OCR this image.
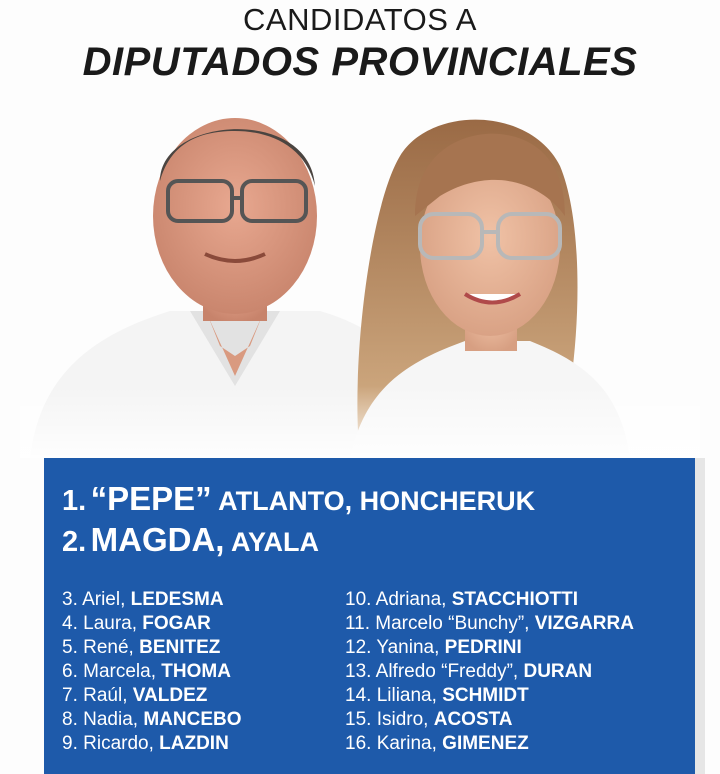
CANDIDATOS A
DIPUTADOS PROVINCIALES
1. “PEPE” ATLANTO, HONCHERUK
2. MAGDA, AYALA
3. Ariel, LEDESMA
4. Laura, FOGAR
5. René, BENITEZ
6. Marcela, THOMA
7. Raúl, VALDEZ
8. Nadia, MANCEBO
9. Ricardo, LAZDIN
10. Adriana, STACCHIOTTI
11. Marcelo “Bunchy”, VIZGARRA
12. Yanina, PEDRINI
13. Alfredo “Freddy”, DURAN
14. Liliana, SCHMIDT
15. Isidro, ACOSTA
16. Karina, GIMENEZ
